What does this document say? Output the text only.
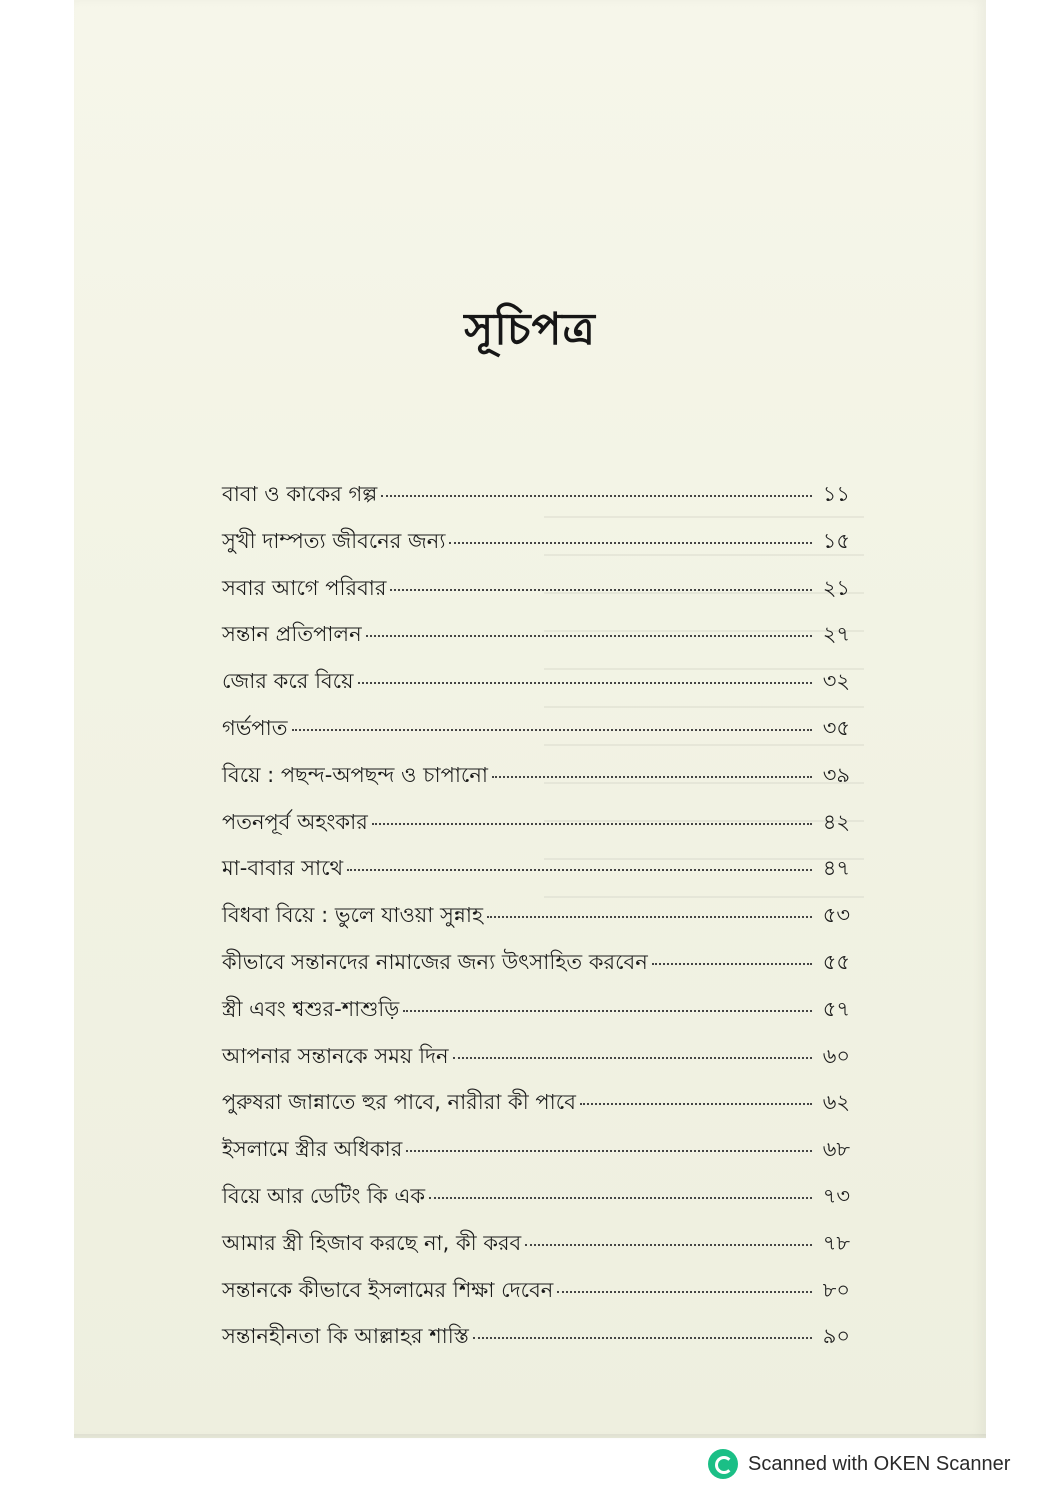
সূচিপত্র
বাবা ও কাকের গল্প	১১
সুখী দাম্পত্য জীবনের জন্য	১৫
সবার আগে পরিবার	২১
সন্তান প্রতিপালন	২৭
জোর করে বিয়ে	৩২
গর্ভপাত	৩৫
বিয়ে : পছন্দ-অপছন্দ ও চাপানো	৩৯
পতনপূর্ব অহংকার	৪২
মা-বাবার সাথে	৪৭
বিধবা বিয়ে : ভুলে যাওয়া সুন্নাহ	৫৩
কীভাবে সন্তানদের নামাজের জন্য উৎসাহিত করবেন	৫৫
স্ত্রী এবং শ্বশুর-শাশুড়ি	৫৭
আপনার সন্তানকে সময় দিন	৬০
পুরুষরা জান্নাতে হুর পাবে, নারীরা কী পাবে	৬২
ইসলামে স্ত্রীর অধিকার	৬৮
বিয়ে আর ডেটিং কি এক	৭৩
আমার স্ত্রী হিজাব করছে না, কী করব	৭৮
সন্তানকে কীভাবে ইসলামের শিক্ষা দেবেন	৮০
সন্তানহীনতা কি আল্লাহর শাস্তি	৯০
Scanned with OKEN Scanner
